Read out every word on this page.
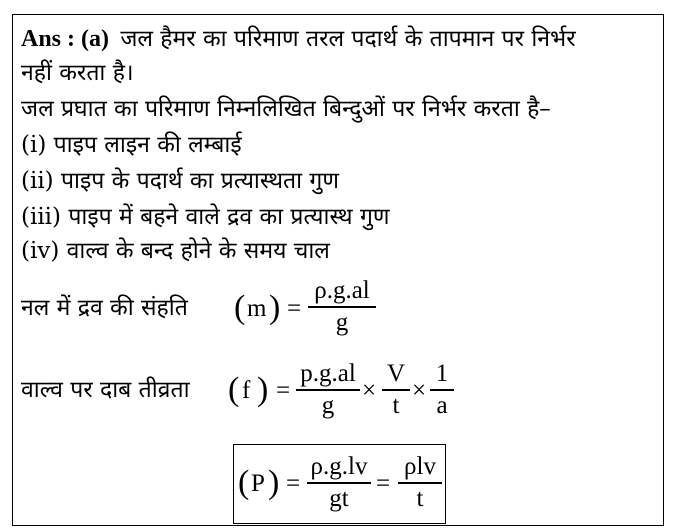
Ans : (a) जल हैमर का परिमाण तरल पदार्थ के तापमान पर निर्भर
नहीं करता है।
जल प्रघात का परिमाण निम्नलिखित बिन्दुओं पर निर्भर करता है–
(i) पाइप लाइन की लम्बाई
(ii) पाइप के पदार्थ का प्रत्यास्थता गुण
(iii) पाइप में बहने वाले द्रव का प्रत्यास्थ गुण
(iv) वाल्व के बन्द होने के समय चाल
नल में द्रव की संहति ( m ) =
ρ.g.al
g
वाल्व पर दाब तीव्रता ( f ) =
p.g.al
g
×
V
t
×
1
a
( P ) =
ρ.g.lv
gt
=
ρlv
t
